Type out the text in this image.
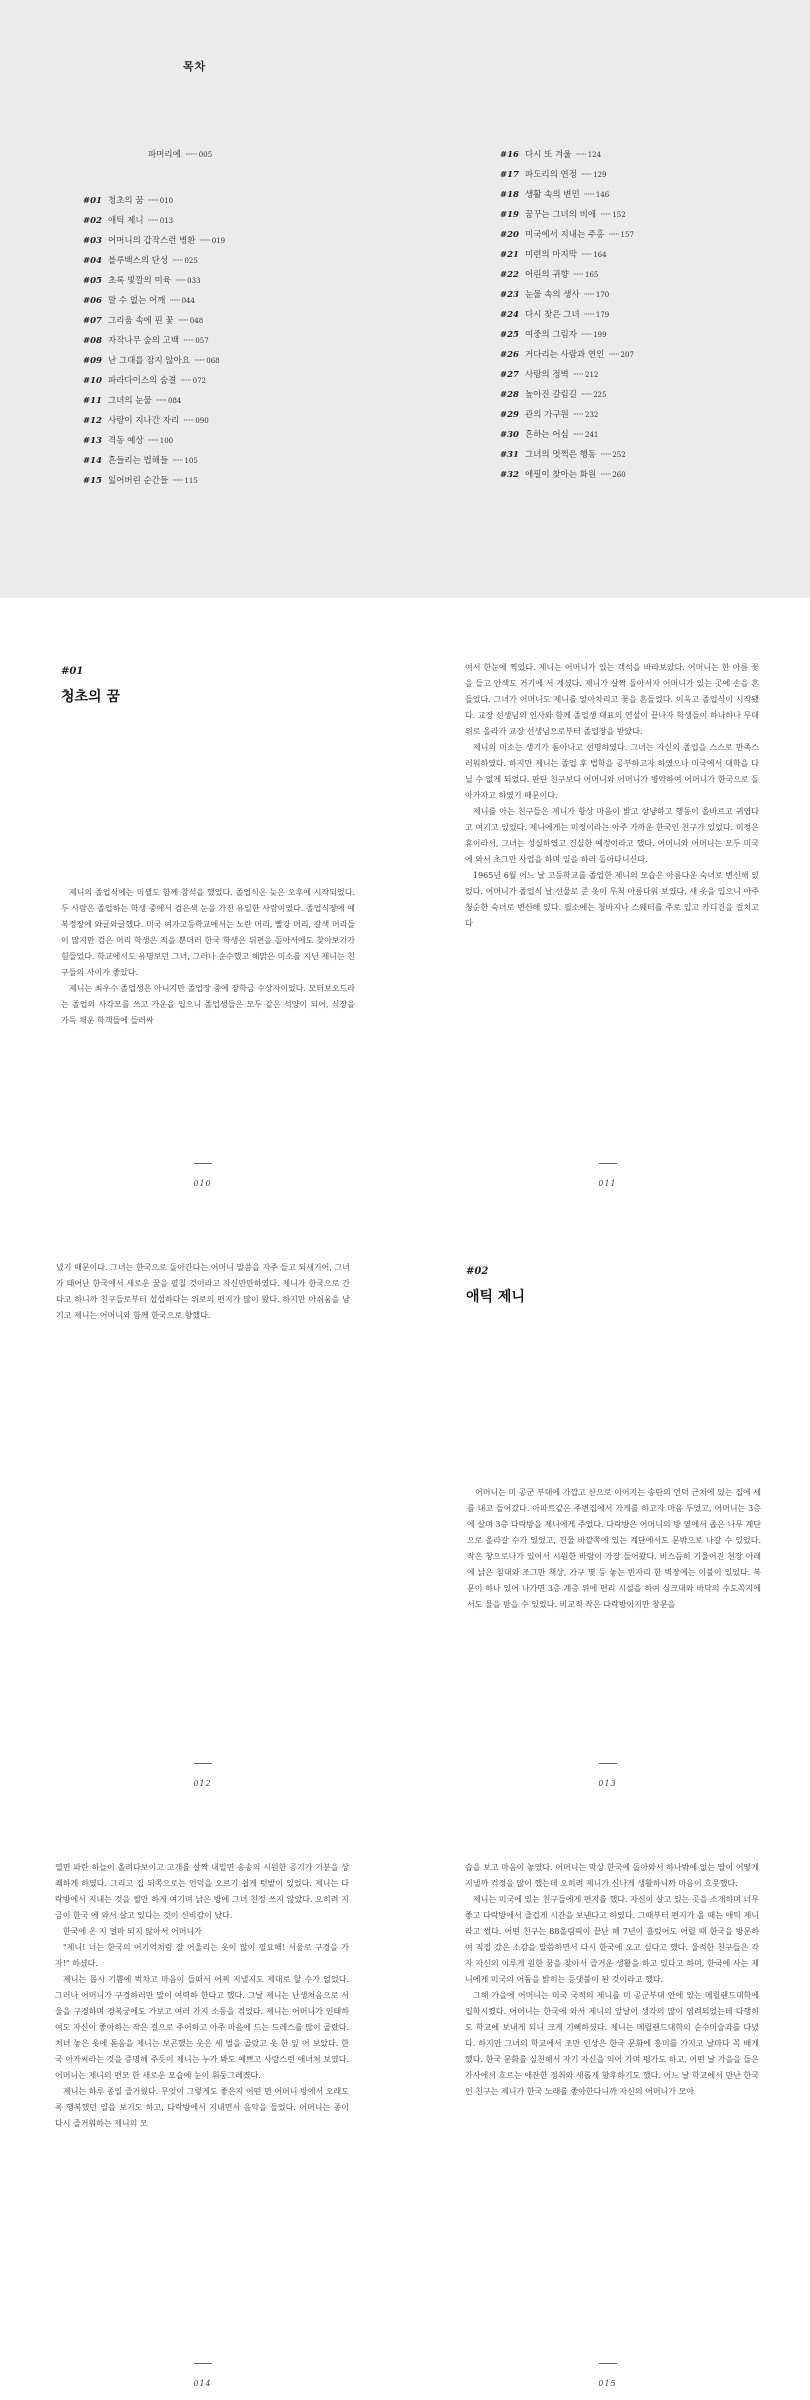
목차
파머리에 ······· 005
#01 청초의 꿈 ······ 010
#02 애틱 제니 ······ 013
#03 어머니의 갑작스런 병환 ······ 019
#04 블루백스의 단성 ······ 025
#05 초록 빛깔의 미육 ······ 033
#06 말 수 없는 어깨 ······ 044
#07 그리움 속에 핀 꽃 ······ 048
#08 자작나무 숲의 고백 ······ 057
#09 난 그대를 잠지 않아요 ······ 068
#10 파라다이스의 숨결 ······ 072
#11 그녀의 눈물 ······ 084
#12 사랑이 지나간 자리 ······ 090
#13 격동 예상 ······ 100
#14 흔들리는 법해들 ······ 105
#15 잃어버린 순간들 ······ 115
#16 다시 또 겨울 ······ 124
#17 파도리의 연정 ······ 129
#18 생활 속의 변민 ······ 146
#19 꿈꾸는 그녀의 비애 ······ 152
#20 미국에서 지내는 주홍 ······ 157
#21 미련의 마지막 ······ 164
#22 어린의 귀향 ······ 165
#23 눈물 속의 생사 ······ 170
#24 다시 찾은 그녀 ······ 179
#25 여중의 그림자 ······ 199
#26 거다리는 사람과 연인 ······ 207
#27 사랑의 정벽 ······ 212
#28 높아진 갈림길 ······ 225
#29 관의 가구원 ······ 232
#30 흔하는 어심 ······ 241
#31 그녀의 멋쩍은 행동 ······ 252
#32 에필이 찾아는 화원 ······ 260
#01
청초의 꿈

제니의 졸업식에는 미셸도 함께 참석을 했었다. 졸업식은 늦은 오후에 시작되었다. 두 사람은 졸업하는 학생 중에서 검은색 눈을 가진 유일한 사람이었다. 졸업식장에 예복정장에 와글와글했다. 미국 여자고등학교에서는 노란 머리, 빨강 머리, 갈색 머리들이 많지만 검은 머리 학생은 적을 뿐더러 한국 학생은 뒤편을 돌아서에도 찾아보기가 힘들었다. 학교에서도 유명보던 그녀, 그러나 순수했고 해맑은 미소를 지닌 제니는 친구들의 사이가 좋았다.

제니는 최우수 졸업생은 아니지만 졸업장 중에 장학금 수상자이었다. 모터보오드라는 졸업의 사각모를 쓰고 가운을 입으니 졸업생들은 모두 같은 석양이 되어, 식장을 가득 채운 학객들에 들러싸

010

여서 한눈에 찍었다. 제니는 어머니가 있는 객석을 바라보았다. 어머니는 한 아름 꽃을 들고 안색도 거기에 서 계셨다. 제니가 살짝 돌아서자 어머니가 있는 곳에 손을 흔들었다. 그녀가 어머니도 제니를 알아차리고 꽃을 흔들었다. 이윽고 졸업식이 시작됐다. 교장 선생님의 인사와 함께 졸업생 대표의 연설이 끝나자 학생들이 하나하나 무대 위로 올라가 교장 선생님으로부터 졸업장을 받았다.

제니의 미소는 생기가 돋아나고 선명하였다. 그녀는 자신의 졸업을 스스로 만족스러워하였다. 하지만 제니는 졸업 후 법학을 공부하고자 하였으나 미국에서 대학을 다닐 수 없게 되었다. 판단 친구보다 어머니와 어머니가 병약하여 어머니가 한국으로 돌아가자고 하였기 때문이다.

제니를 아는 친구들은 제니가 항상 마음이 밝고 상냥하고 행동이 올바르고 귀엽다고 여기고 있었다. 제니에게는 미정이라는 아주 가까운 한국인 친구가 있었다. 미정은 휴이라서, 그녀는 성실하였고 건실한 예정이라고 했다. 어머니와 어머니는 모두 미국에 와서 초그만 사업을 하며 일을 하러 돌아다니신다.

1965년 6월 어느 날 고등학교를 졸업한 제니의 모습은 아름다운 숙녀로 변신해 있었다. 어머니가 졸업식 날 선물로 준 옷이 무척 아름다워 보였다. 새 옷을 입으니 아주 청순한 숙녀로 변신해 있다. 필소에는 청바지나 스웨터를 주로 입고 카디건을 걸치고 다

011

녔기 때문이다. 그녀는 한국으로 돌아간다는 어머니 말씀을 자주 들고 되새기어, 그녀가 태어난 한국에서 새로운 꿈을 펼칠 것이라고 자신만만하였다. 제니가 한국으로 간다고 하니까 친구들로부터 섭섭하다는 위로의 편지가 많이 왔다. 하지만 아쉬움을 남기고 제니는 어머니와 함께 한국으로 향했다.

012
#02
애틱 제니

어머니는 미 공군 부대에 가깝고 산으로 이어지는 송탄의 언덕 근처에 있는 집에 세를 내고 들어갔다. 아파트같은 주변집에서 가게를 하고자 마음 두었고, 어머니는 3층에 살며 3층 다락방을 제니에게 주었다. 다락방은 어머니의 방 옆에서 좁은 나무 계단으로 올라갈 수가 있었고, 건물 바깥쪽에 있는 계단에서도 문밖으로 나갈 수 있었다. 작은 창으로나가 있어서 시원한 바람이 가장 들어왔다. 비스듬히 기울어진 천장 아래에 낡은 침대와 조그만 책상, 가구 몇 등 놓는 빈자리 한 벽장에는 이불이 있었다. 복문이 하나 있어 나가면 3층 계층 위에 편리 시설을 하여 싱크대와 바닥의 수도꼭지에서도 물을 받을 수 있었다. 비교적 작은 다락방이지만 창문을

013

열면 파란 하늘이 올려다보이고 고개를 살짝 내밀면 송송의 시원한 공기가 기분을 상쾌하게 하였다. 그리고 집 뒤쪽으로는 언덕을 오르기 쉽게 텃밭이 있었다. 제니는 다락방에서 지내는 것을 썰만 하게 여기며 낡은 방에 그녀 친정 쓰지 않았다. 오히려 지금이 한국 에 와서 살고 있다는 것이 신비감이 났다.

한국에 온 지 얼마 되지 않아서 어머니가

"제니! 너는 한국의 어기억처럼 잘 어울리는 옷이 많이 필요해! 서울로 구경을 가자!" 하셨다.

제니는 몹시 기쁨에 벅차고 마음이 들떠서 어찌 지낼지도 제대로 할 수가 없었다. 그러나 어머니가 구경하러만 말이 여력하 한다고 했다. 그날 제니는 난생처음으로 서울을 구경하며 경복궁에도 가보고 여러 가지 소동을 겪었다. 제니는 어머니가 인태하여도 자신이 좋아하는 작은 걸으로 주어하고 아주 마음에 드는 드레스를 많이 골랐다. 처녀 놓은 옷에 돋음을 제니는 보곤했는 옷은 세 벌을 골랐고 옷 한 잎 어 보았다. 한국 아가씨라는 것을 증명해 주듯이 제니는 누가 봐도 예쁘고 사랑스런 애녀처 보였다. 어머니는 제니의 편모 한 새로운 모습에 눈이 휘둥그레졌다.

제니는 하루 종일 즐거웠다. 무엇이 그렇게도 좋은지 어떤 면 어머니 방에서 오래도록 행복했던 일을 보기도 하고, 다락방에서 지내면서 음악을 들었다. 어머니는 종이 다시 즐거워하는 제니의 모

014

습을 보고 마음이 놓였다. 어머니는 막상 한국에 돌아와서 하나밖에 없는 딸이 어떻게 지낼까 걱정을 많이 했는데 오히려 제니가 신나게 생활하니까 마음이 흐뭇했다.

제니는 미국에 있는 친구들에게 편지를 했다. 자신이 살고 있는 곳을 소개하며 너무 좋고 다락방에서 즐겁게 시간을 보낸다고 하였다. 그때부터 편지가 올 때는 애틱 제니라고 썼다. 어떤 친구는 88올림픽이 끝난 해 7년이 흘렀어도 어릴 때 한국을 방문하여 직접 갔은 소감을 말씀하면서 다시 한국에 오고 싶다고 했다. 울적한 친구들은 각자 자신의 이루게 원한 꿈을 찾아서 즐거운 생활을 하고 있다고 하며, 한국에 사는 제니에게 미국의 어둠을 밝히는 등댓불이 된 것이라고 했다.

그해 가을에 어머니는 미국 국적의 제니를 미 공군부대 안에 있는 메릴랜드대학에 입학시켰다. 어머니는 한국에 와서 제니의 앞날이 생각의 많이 염려되었는데 다행히도 학교에 보내게 되니 크게 기뻐하셨다. 제니는 메릴랜드대학의 순수미술과를 다녔다. 하지만 그녀의 학교에서 조만 인상은 한국 문화에 흥미를 가지고 날마다 꼭 배게 했다. 한국 문화를 실천해서 자기 자신을 익어 가며 평가도 하고, 어떤 날 가을을 들은 가사에서 흐르는 애잔한 정취와 새롭게 향후하기도 했다. 어느 날 학교에서 만난 한국인 친구는 제니가 한국 노래를 좋아한다니까 자신의 어머니가 모아

015
